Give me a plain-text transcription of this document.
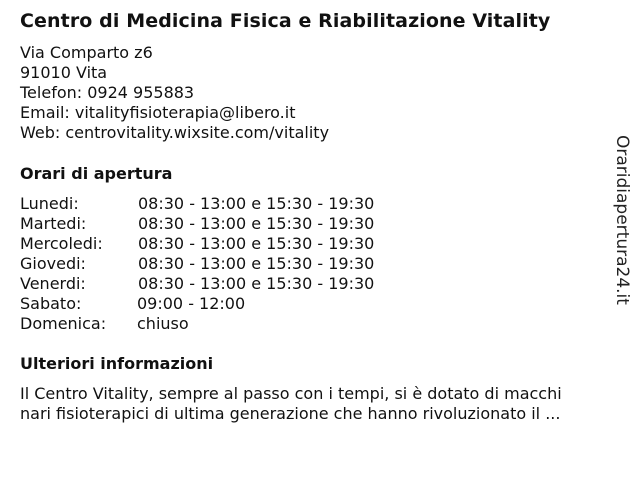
Centro di Medicina Fisica e Riabilitazione Vitality
Via Comparto z6
91010 Vita
Telefon: 0924 955883
Email: vitalityfisioterapia@libero.it
Web: centrovitality.wixsite.com/vitality
Orari di apertura
Lunedi:	08:30 - 13:00 e 15:30 - 19:30
Martedi:	08:30 - 13:00 e 15:30 - 19:30
Mercoledi: 08:30 - 13:00 e 15:30 - 19:30
Giovedi:	08:30 - 13:00 e 15:30 - 19:30
Venerdi:	08:30 - 13:00 e 15:30 - 19:30
Sabato:	09:00 - 12:00
Domenica: chiuso
Ulteriori informazioni
Il Centro Vitality, sempre al passo con i tempi, si è dotato di macchi
nari fisioterapici di ultima generazione che hanno rivoluzionato il ...
Oraridiapertura24.it
